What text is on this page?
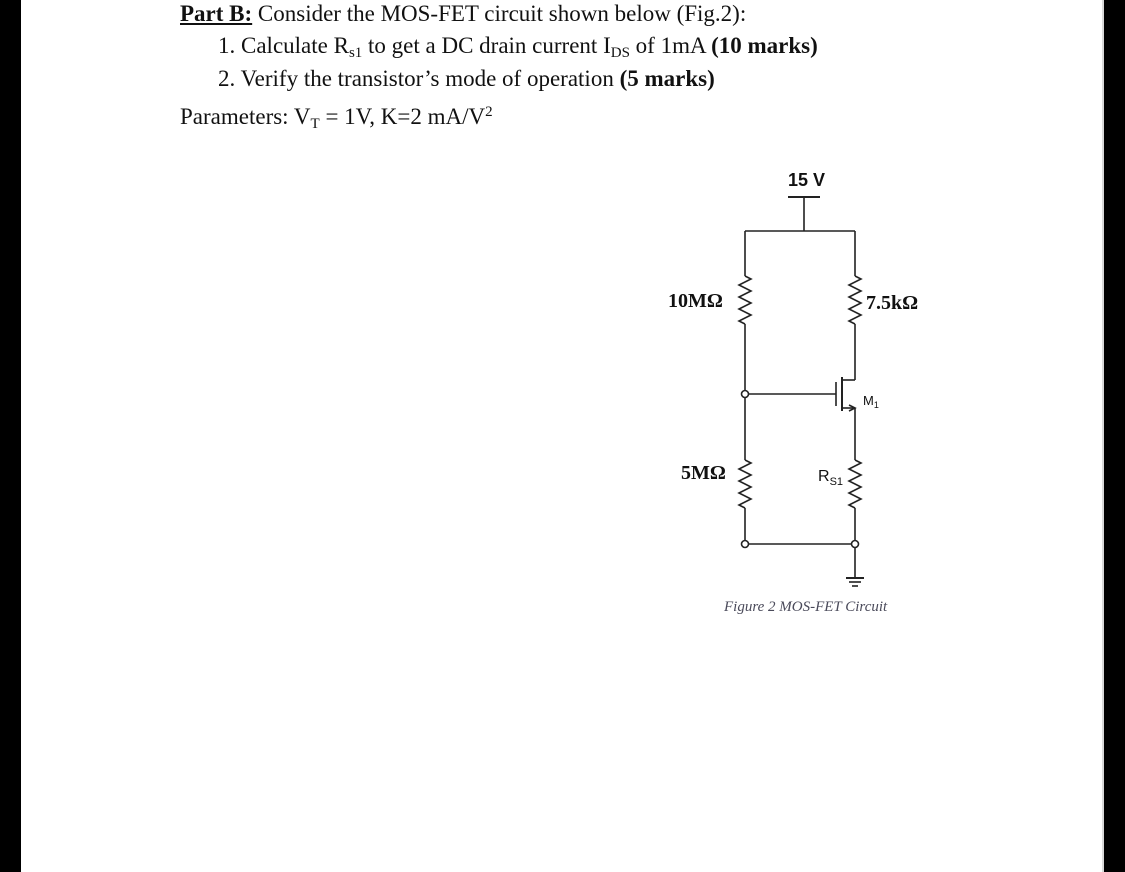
Part B: Consider the MOS-FET circuit shown below (Fig.2):
1. Calculate $R_{s1}$ to get a DC drain current $I_{DS}$ of 1mA (10 marks)
2. Verify the transistor’s mode of operation (5 marks)
Parameters: $V_T = 1V$, K=2 $mA/V^2$
15 V
10MΩ
5MΩ
7.5kΩ
$M_1$
$R_{S1}$
Figure 2 MOS-FET Circuit
